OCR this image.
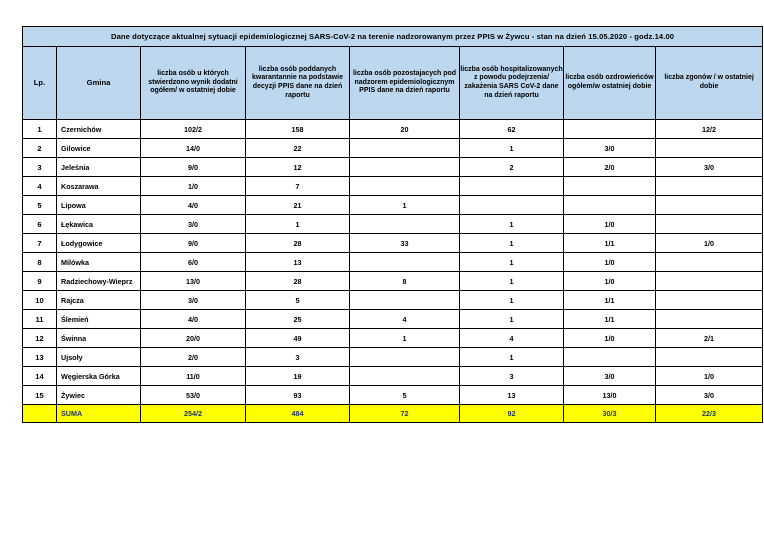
Dane dotyczące aktualnej sytuacji epidemiologicznej SARS-CoV-2 na terenie nadzorowanym przez PPIS w Żywcu - stan na dzień 15.05.2020 - godz.14.00							
Lp.	Gmina	liczba osób u których stwierdzono wynik dodatni ogółem/ w ostatniej dobie	liczba osób poddanych kwarantannie na podstawie decyzji PPIS dane na dzień raportu	liczba osób pozostajacych pod nadzorem epidemiologicznym PPIS dane na dzień raportu	liczba osób hospitalizowanych z powodu podejrzenia/ zakażenia SARS CoV-2 dane na dzień raportu	liczba osób ozdrowieńców ogółem/w ostatniej dobie	liczba zgonów / w ostatniej dobie
1	Czernichów	102/2	158	20	62		12/2
2	Gilowice	14/0	22		1	3/0	
3	Jeleśnia	9/0	12		2	2/0	3/0
4	Koszarawa	1/0	7				
5	Lipowa	4/0	21	1			
6	Łękawica	3/0	1		1	1/0	
7	Łodygowice	9/0	28	33	1	1/1	1/0
8	Milówka	6/0	13		1	1/0	
9	Radziechowy-Wieprz	13/0	28	8	1	1/0	
10	Rajcza	3/0	5		1	1/1	
11	Ślemień	4/0	25	4	1	1/1	
12	Świnna	20/0	49	1	4	1/0	2/1
13	Ujsoły	2/0	3		1		
14	Węgierska Górka	11/0	19		3	3/0	1/0
15	Żywiec	53/0	93	5	13	13/0	3/0
	SUMA	254/2	484	72	92	30/3	22/3
